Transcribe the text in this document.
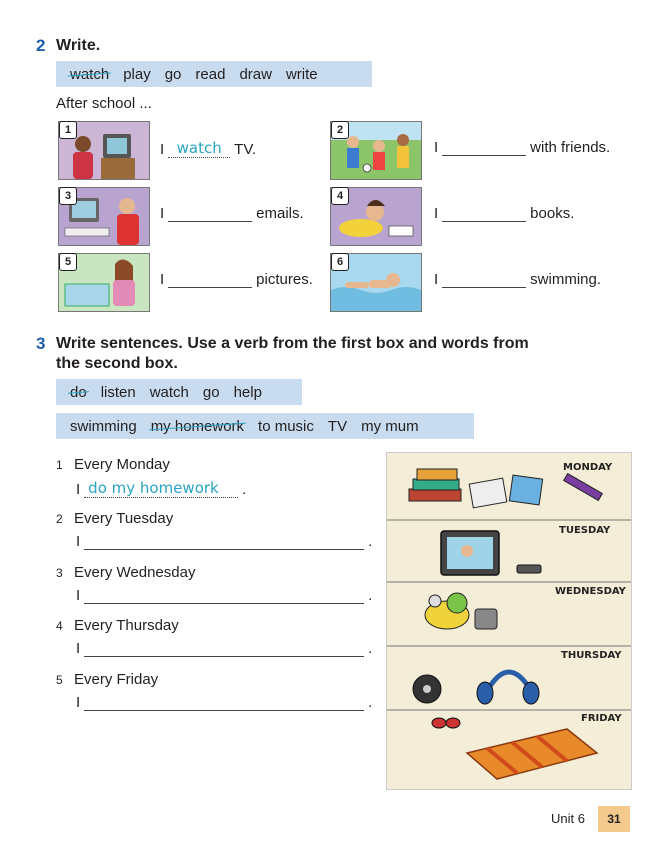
2 Write.
watch play go read draw write
After school ...
1
I watch TV.
2
I	with friends.
3
I	emails.
4
I	books.
5
I	pictures.
6
I	swimming.
3 Write sentences. Use a verb from the first box and words from
the second box.
do listen watch go help
swimming my homework to music TV my mum
1 Every Monday
I do my homework	.
2 Every Tuesday
I	.
3 Every Wednesday
I	.
4 Every Thursday
I	.
5 Every Friday
I	.
MONDAY
TUESDAY
WEDNESDAY
THURSDAY
FRIDAY
Unit 6	31
